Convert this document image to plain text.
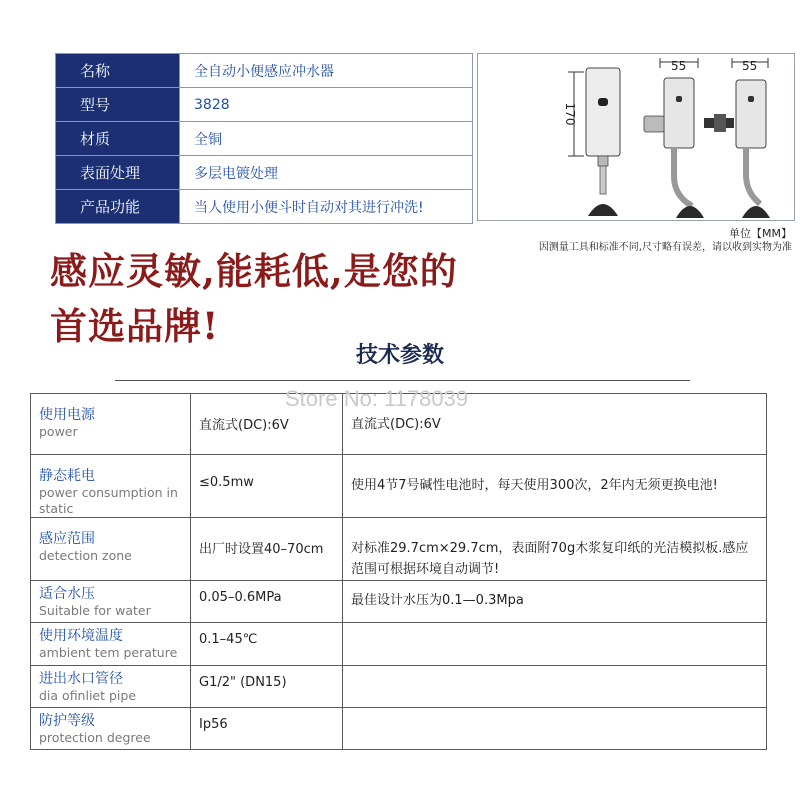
名称	全自动小便感应冲水器
型号	3828
材质	全铜
表面处理	多层电镀处理
产品功能	当人使用小便斗时自动对其进行冲洗!
170
55	55
单位【MM】
因测量工具和标准不同,尺寸略有误差，请以收到实物为准
感应灵敏,能耗低,是您的
首选品牌!
技术参数
使用电源
power	直流式(DC):6V	直流式(DC):6V

静态耗电
power consumption in static	≤0.5mw	使用4节7号碱性电池时，每天使用300次，2年内无须更换电池!

感应范围
detection zone	出厂时设置40–70cm	对标准29.7cm×29.7cm，表面附70g木浆复印纸的光洁模拟板.感应范围可根据环境自动调节!

适合水压
Suitable for water	0.05–0.6MPa	最佳设计水压为0.1—0.3Mpa

使用环境温度
ambient tem perature	0.1–45℃	

进出水口管径
dia ofinliet pipe	G1/2" (DN15)	

防护等级
protection degree	Ip56	
Store No: 1178039
